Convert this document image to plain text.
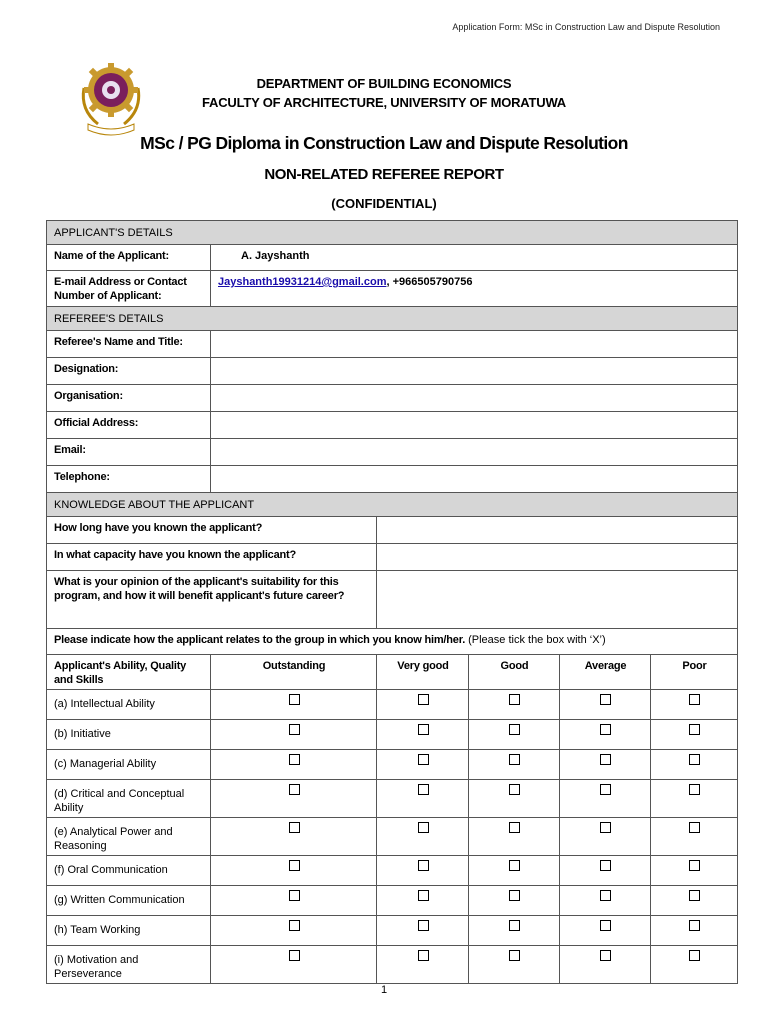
Application Form: MSc in Construction Law and Dispute Resolution
DEPARTMENT OF BUILDING ECONOMICS
FACULTY OF ARCHITECTURE, UNIVERSITY OF MORATUWA
MSc / PG Diploma in Construction Law and Dispute Resolution
NON-RELATED REFEREE REPORT
(CONFIDENTIAL)
APPLICANT'S DETAILS					
Name of the Applicant:	A. Jayshanth				
E-mail Address or Contact Number of Applicant:	Jayshanth19931214@gmail.com, +966505790756				
REFEREE'S DETAILS					
Referee's Name and Title:					
Designation:					
Organisation:					
Official Address:					
Email:					
Telephone:					
KNOWLEDGE ABOUT THE APPLICANT					
How long have you known the applicant?					
In what capacity have you known the applicant?					
What is your opinion of the applicant's suitability for this program, and how it will benefit applicant's future career?					
Please indicate how the applicant relates to the group in which you know him/her. (Please tick the box with ‘X’)					
Applicant's Ability, Quality and Skills	Outstanding	Very good	Good	Average	Poor
(a) Intellectual Ability	

(b) Initiative	

(c) Managerial Ability	

(d) Critical and Conceptual Ability	

(e) Analytical Power and Reasoning	

(f) Oral Communication	

(g) Written Communication	

(h) Team Working	

(i) Motivation and Perseverance	

1
